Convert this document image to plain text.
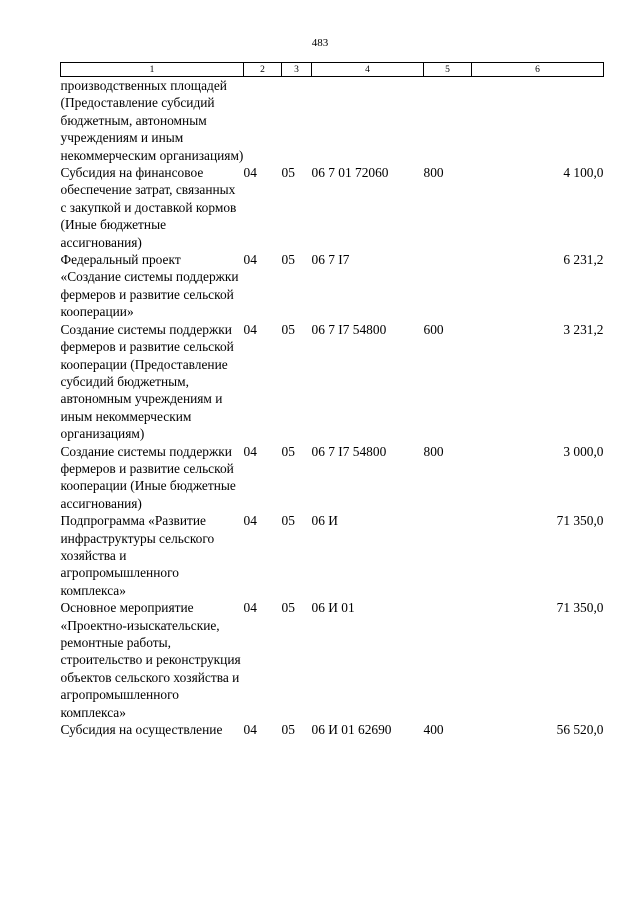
483
1	2	3	4	5	6
производственных площадей (Предоставление субсидий бюджетным, автономным учреждениям и иным некоммерческим организациям)					
Субсидия на финансовое обеспечение затрат, связанных с закупкой и доставкой кормов (Иные бюджетные ассигнования)	04	05	06 7 01 72060	800	4 100,0
Федеральный проект «Создание системы поддержки фермеров и развитие сельской кооперации»	04	05	06 7 I7		6 231,2
Создание системы поддержки фермеров и развитие сельской кооперации (Предоставление субсидий бюджетным, автономным учреждениям и иным некоммерческим организациям)	04	05	06 7 I7 54800	600	3 231,2
Создание системы поддержки фермеров и развитие сельской кооперации (Иные бюджетные ассигнования)	04	05	06 7 I7 54800	800	3 000,0
Подпрограмма «Развитие инфраструктуры сельского хозяйства и агропромышленного комплекса»	04	05	06 И		71 350,0
Основное мероприятие «Проектно-изыскательские, ремонтные работы, строительство и реконструкция объектов сельского хозяйства и агропромышленного комплекса»	04	05	06 И 01		71 350,0
Субсидия на осуществление	04	05	06 И 01 62690	400	56 520,0
